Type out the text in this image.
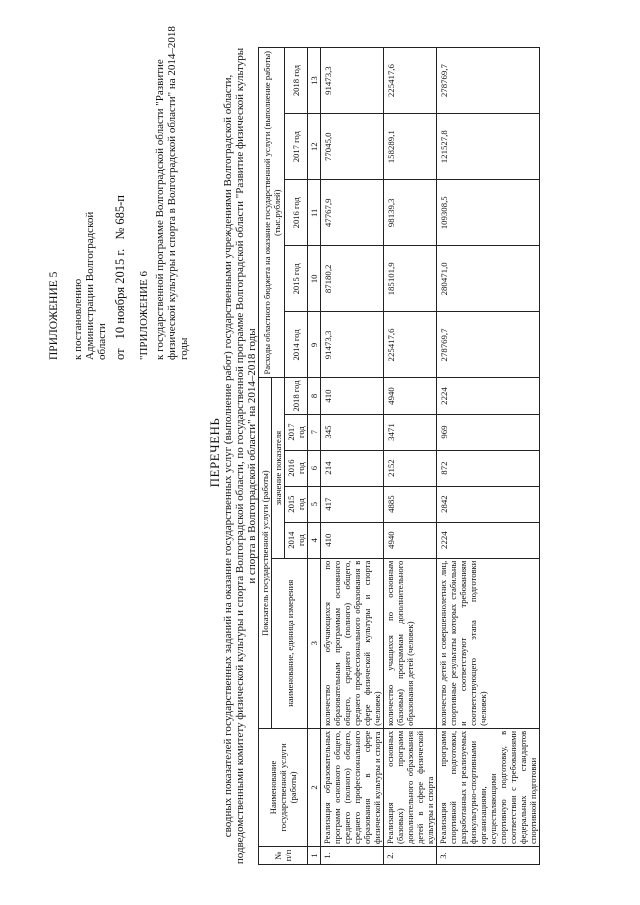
ПРИЛОЖЕНИЕ 5 к постановлению Администрации Волгоградской области от 10 ноября 2015 г. № 685-п
"ПРИЛОЖЕНИЕ 6 к государственной программе Волгоградской области "Развитие физической культуры и спорта в Волгоградской области" на 2014–2018 годы
ПЕРЕЧЕНЬ сводных показателей государственных заданий на оказание государственных услуг (выполнение работ) государственными учреждениями Волгоградской области, подведомственными комитету физической культуры и спорта Волгоградской области, по государственной программе Волгоградской области "Развитие физической культуры и спорта в Волгоградской области" на 2014–2018 годы
№ п/п	Наименование государственной услуги (работы)	Показатель государственной услуги (работы)						Расходы областного бюджета на оказание государственной услуги (выполнение работы) (тыс.рублей)				
		наименование, единица измерения	значение показателя									
			2014 год	2015 год	2016 год	2017 год	2018 год	2014 год	2015 год	2016 год	2017 год	2018 год
1	2	3	4	5	6	7	8	9	10	11	12	13
1.	Реализация образовательных программ основного общего, среднего (полного) общего, среднего профессионального образования в сфере физической культуры и спорта	количество обучающихся по образовательным программам основного общего, среднего (полного) общего, среднего профессионального образования в сфере физической культуры и спорта (человек)	410	417	214	345	410	91473,3	87180,2	47767,9	77045,0	91473,3
2.	Реализация основных (базовых) программ дополнительного образования детей в сфере физической культуры и спорта	количество учащихся по основным (базовым) программам дополнительного образования детей (человек)	4940	4885	2152	3471	4940	225417,6	185101,9	98139,3	158289,1	225417,6
3.	Реализация программ спортивной подготовки, разработанных и реализуемых физкультурно-спортивными организациями, осуществляющими спортивную подготовку, в соответствии с требованиями федеральных стандартов спортивной подготовки	количество детей и совершеннолетних лиц, спортивные результаты которых стабильны и соответствуют требованиям соответствующего этапа подготовки (человек)	2224	2842	872	969	2224	278769,7	280471,0	109308,5	121527,8	278769,7
